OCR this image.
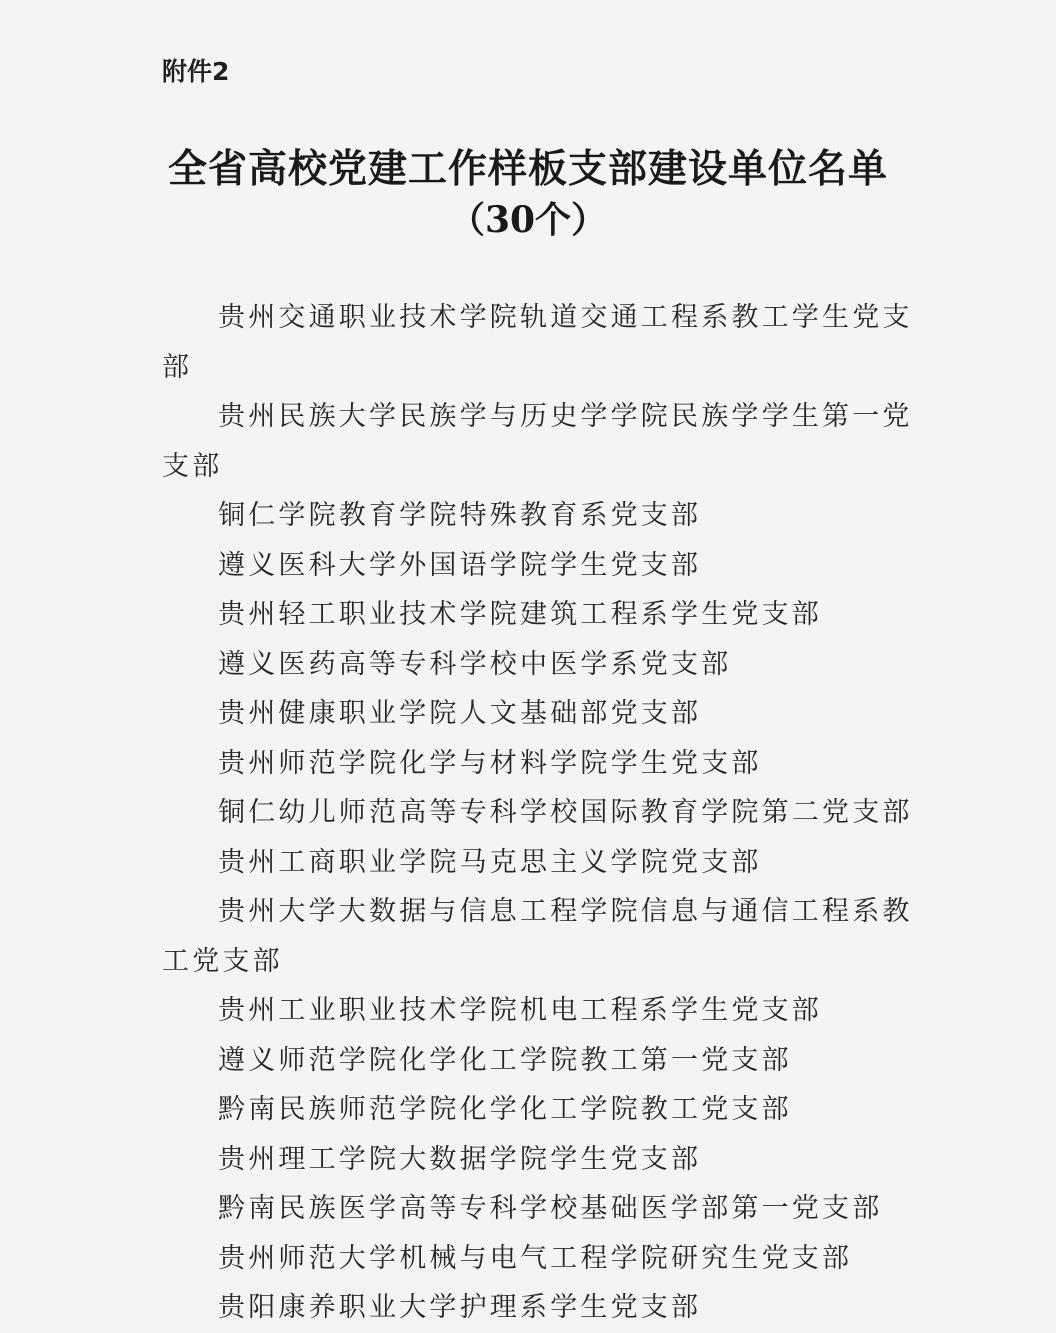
附件2
全省高校党建工作样板支部建设单位名单
（30个）
贵州交通职业技术学院轨道交通工程系教工学生党支部
贵州民族大学民族学与历史学学院民族学学生第一党支部
铜仁学院教育学院特殊教育系党支部
遵义医科大学外国语学院学生党支部
贵州轻工职业技术学院建筑工程系学生党支部
遵义医药高等专科学校中医学系党支部
贵州健康职业学院人文基础部党支部
贵州师范学院化学与材料学院学生党支部
铜仁幼儿师范高等专科学校国际教育学院第二党支部
贵州工商职业学院马克思主义学院党支部
贵州大学大数据与信息工程学院信息与通信工程系教工党支部
贵州工业职业技术学院机电工程系学生党支部
遵义师范学院化学化工学院教工第一党支部
黔南民族师范学院化学化工学院教工党支部
贵州理工学院大数据学院学生党支部
黔南民族医学高等专科学校基础医学部第一党支部
贵州师范大学机械与电气工程学院研究生党支部
贵阳康养职业大学护理系学生党支部
